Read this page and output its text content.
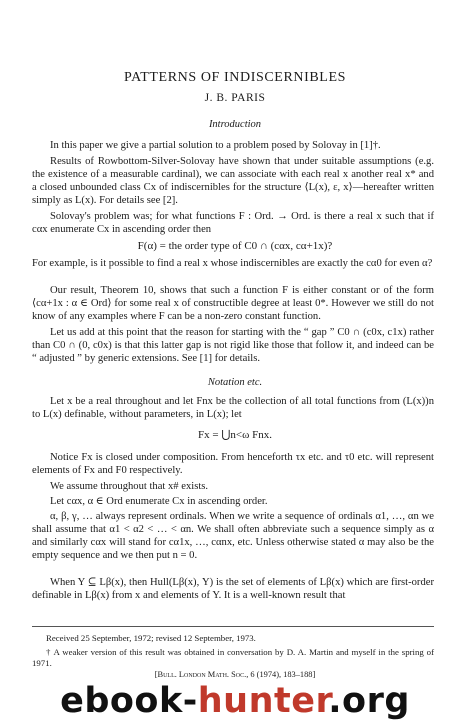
PATTERNS OF INDISCERNIBLES
J. B. PARIS
Introduction

In this paper we give a partial solution to a problem posed by Solovay in [1]†.

Results of Rowbottom-Silver-Solovay have shown that under suitable assumptions (e.g. the existence of a measurable cardinal), we can associate with each real x another real x* and a closed unbounded class Cx of indiscernibles for the structure ⟨L(x), ε, x⟩—hereafter written simply as L(x). For details see [2].

Solovay's problem was; for what functions F : Ord. → Ord. is there a real x such that if cαx enumerate Cx in ascending order then

F(α) = the order type of C0 ∩ (cαx, cα+1x)?

For example, is it possible to find a real x whose indiscernibles are exactly the cα0 for even α?

Our result, Theorem 10, shows that such a function F is either constant or of the form ⟨cα+1x : α ∈ Ord⟩ for some real x of constructible degree at least 0*. However we still do not know of any examples where F can be a non-zero constant function.

Let us add at this point that the reason for starting with the “ gap ” C0 ∩ (c0x, c1x) rather than C0 ∩ (0, c0x) is that this latter gap is not rigid like those that follow it, and indeed can be “ adjusted ” by generic extensions. See [1] for details.

Notation etc.

Let x be a real throughout and let Fnx be the collection of all total functions from (L(x))n to L(x) definable, without parameters, in L(x); let

Fx = ⋃n<ω Fnx.

Notice Fx is closed under composition. From henceforth τx etc. and τ0 etc. will represent elements of Fx and F0 respectively.

We assume throughout that x# exists.

Let cαx, α ∈ Ord enumerate Cx in ascending order.

α, β, γ, … always represent ordinals. When we write a sequence of ordinals α1, …, αn we shall assume that α1 < α2 < … < αn. We shall often abbreviate such a sequence simply as α and similarly cαx will stand for cα1x, …, cαnx, etc. Unless otherwise stated α may also be the empty sequence and we then put n = 0.

When Y ⊆ Lβ(x), then Hull(Lβ(x), Y) is the set of elements of Lβ(x) which are first-order definable in Lβ(x) from x and elements of Y. It is a well-known result that

Received 25 September, 1972; revised 12 September, 1973.

† A weaker version of this result was obtained in conversation by D. A. Martin and myself in the spring of 1971.

[Bull. London Math. Soc., 6 (1974), 183–188]
ebook-hunter.org
